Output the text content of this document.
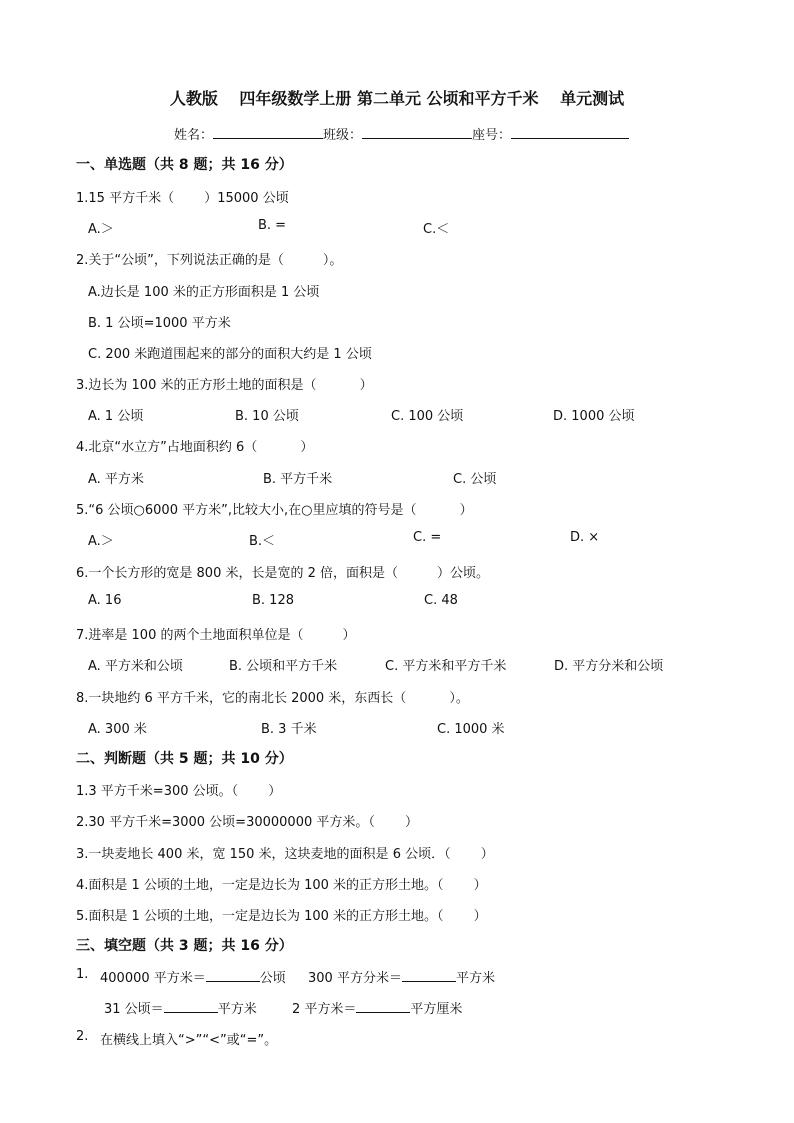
人教版　 四年级数学上册 第二单元 公顷和平方千米　 单元测试
姓名：	班级：	座号：
一、单选题（共 8 题；共 16 分）
1.15 平方千米（　　 ）15000 公顷
A.＞	B. =	C.＜
2.关于“公顷”，下列说法正确的是（　　　）。
A.边长是 100 米的正方形面积是 1 公顷
B. 1 公顷=1000 平方米
C. 200 米跑道围起来的部分的面积大约是 1 公顷
3.边长为 100 米的正方形土地的面积是（　　　 ）
A. 1 公顷	B. 10 公顷	C. 100 公顷	D. 1000 公顷
4.北京“水立方”占地面积约 6（　　　 ）
A. 平方米	B. 平方千米	C. 公顷
5.“6 公顷○6000 平方米”,比较大小,在○里应填的符号是（　　　 ）
A.＞	B.＜	C. =	D. ×
6.一个长方形的宽是 800 米，长是宽的 2 倍，面积是（　　　）公顷。
A. 16	B. 128	C. 48
7.进率是 100 的两个土地面积单位是（　　　）
A. 平方米和公顷	B. 公顷和平方千米	C. 平方米和平方千米	D. 平方分米和公顷
8.一块地约 6 平方千米，它的南北长 2000 米，东西长（　　　 ）。
A. 300 米	B. 3 千米	C. 1000 米
二、判断题（共 5 题；共 10 分）
1.3 平方千米=300 公顷。（　　 ）
2.30 平方千米=3000 公顷=30000000 平方米。（　　 ）
3.一块麦地长 400 米，宽 150 米，这块麦地的面积是 6 公顷．（　　 ）
4.面积是 1 公顷的土地，一定是边长为 100 米的正方形土地。（　　 ）
5.面积是 1 公顷的土地，一定是边长为 100 米的正方形土地。（　　 ）
三、填空题（共 3 题；共 16 分）
1. 400000 平方米＝	公顷 300 平方分米＝	平方米
31 公顷＝	平方米	2 平方米＝	平方厘米
2. 在横线上填入“>”“<”或“=”。
